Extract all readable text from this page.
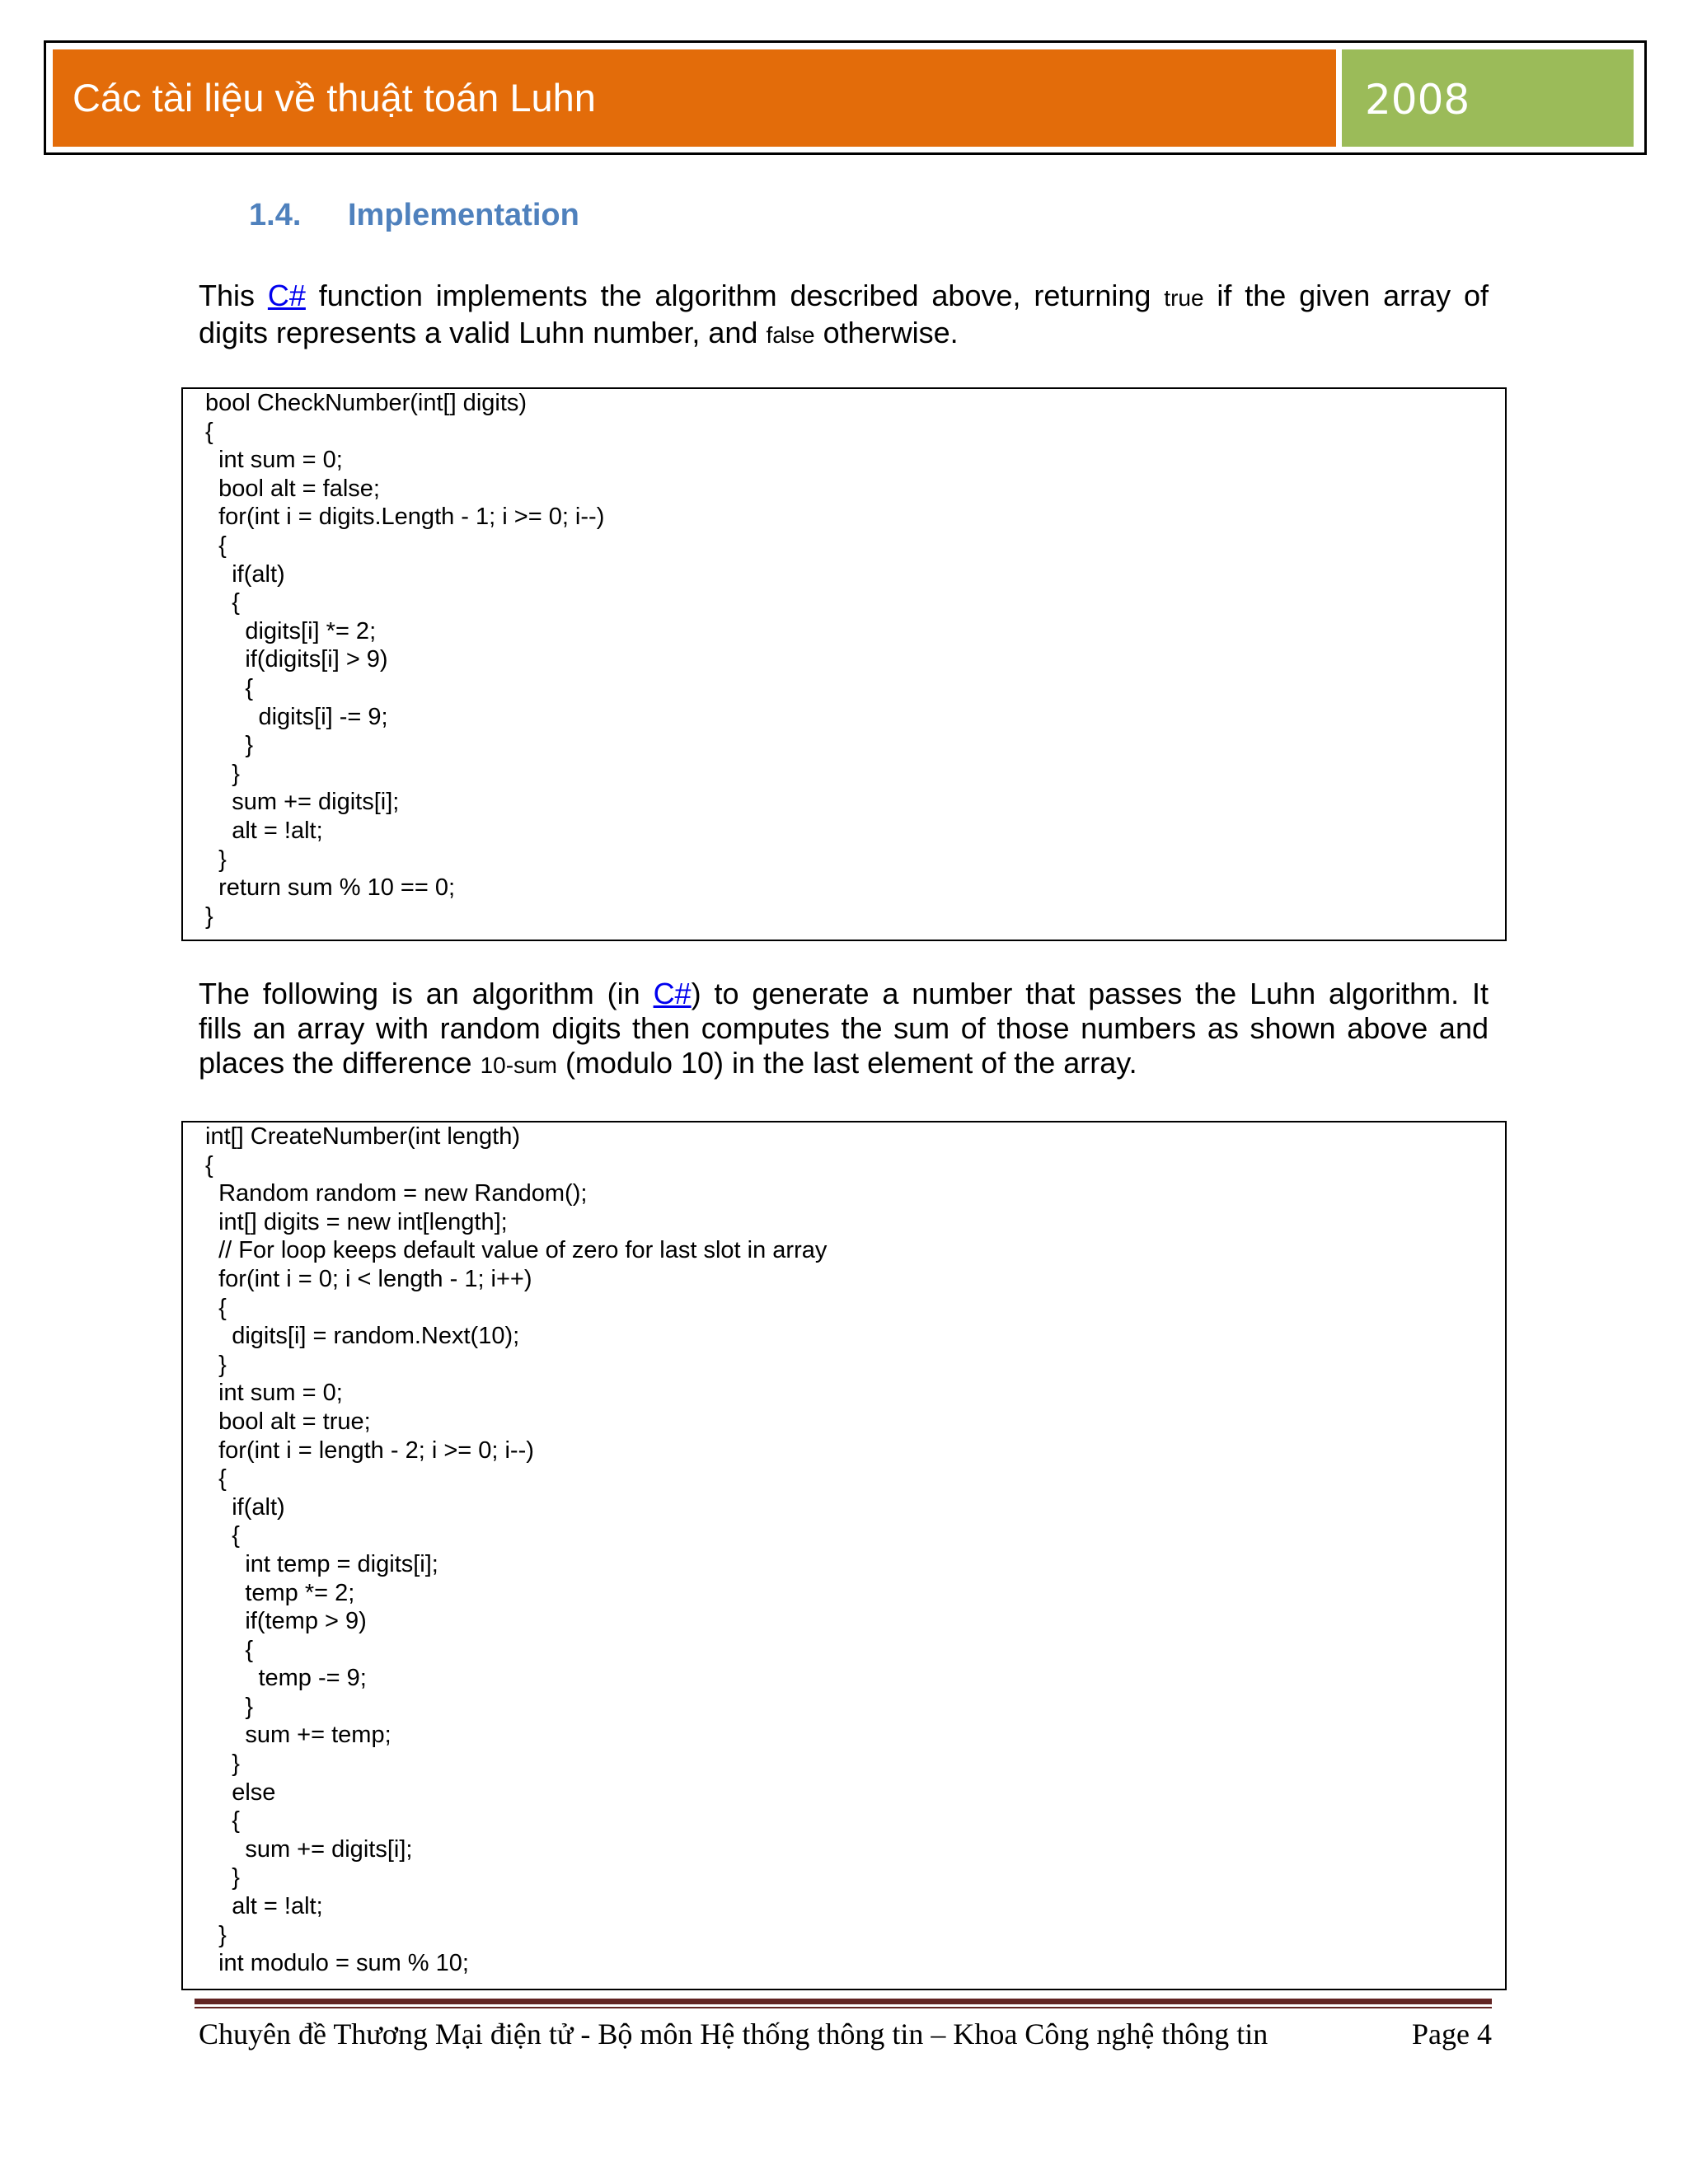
Các tài liệu về thuật toán Luhn	2008
1.4. Implementation
This C# function implements the algorithm described above, returning true if the given array of
digits represents a valid Luhn number, and false otherwise.
bool CheckNumber(int[] digits)
{
int sum = 0;
bool alt = false;
for(int i = digits.Length - 1; i >= 0; i--)
{
if(alt)
{
digits[i] *= 2;
if(digits[i] > 9)
{
digits[i] -= 9;
}
}
sum += digits[i];
alt = !alt;
}
return sum % 10 == 0;
}
The following is an algorithm (in C#) to generate a number that passes the Luhn algorithm. It
fills an array with random digits then computes the sum of those numbers as shown above and
places the difference 10-sum (modulo 10) in the last element of the array.
int[] CreateNumber(int length)
{
Random random = new Random();
int[] digits = new int[length];
// For loop keeps default value of zero for last slot in array
for(int i = 0; i < length - 1; i++)
{
digits[i] = random.Next(10);
}
int sum = 0;
bool alt = true;
for(int i = length - 2; i >= 0; i--)
{
if(alt)
{
int temp = digits[i];
temp *= 2;
if(temp > 9)
{
temp -= 9;
}
sum += temp;
}
else
{
sum += digits[i];
}
alt = !alt;
}
int modulo = sum % 10;
Chuyên đề Thương Mại điện tử - Bộ môn Hệ thống thông tin – Khoa Công nghệ thông tin	Page 4
